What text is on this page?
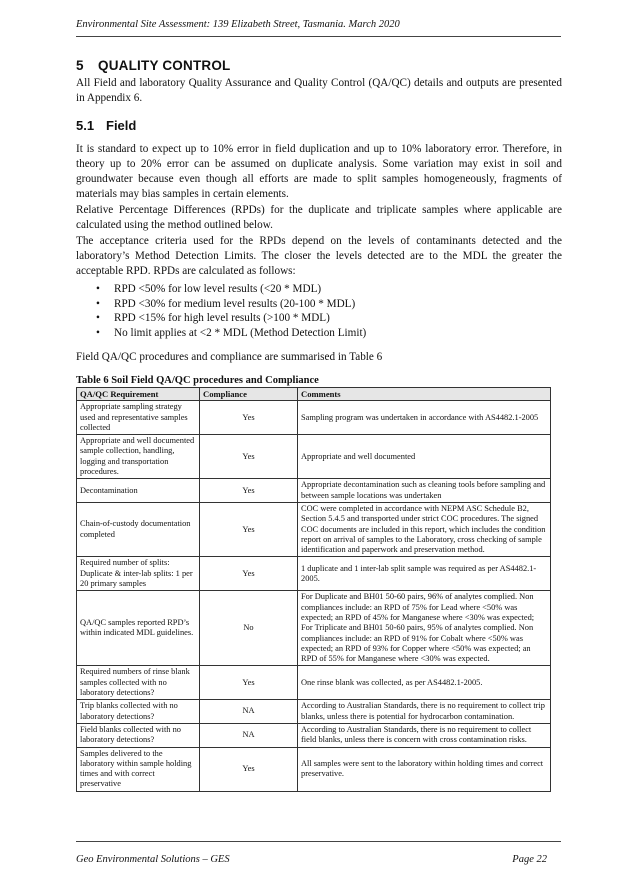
Environmental Site Assessment: 139 Elizabeth Street, Tasmania. March 2020
5 QUALITY CONTROL

All Field and laboratory Quality Assurance and Quality Control (QA/QC) details and outputs are presented in Appendix 6.

5.1 Field

It is standard to expect up to 10% error in field duplication and up to 10% laboratory error. Therefore, in theory up to 20% error can be assumed on duplicate analysis. Some variation may exist in soil and groundwater because even though all efforts are made to split samples homogeneously, fragments of materials may bias samples in certain elements.

Relative Percentage Differences (RPDs) for the duplicate and triplicate samples where applicable are calculated using the method outlined below.

The acceptance criteria used for the RPDs depend on the levels of contaminants detected and the laboratory’s Method Detection Limits. The closer the levels detected are to the MDL the greater the acceptable RPD. RPDs are calculated as follows:

• RPD <50% for low level results (<20 * MDL)
• RPD <30% for medium level results (20-100 * MDL)
• RPD <15% for high level results (>100 * MDL)
• No limit applies at <2 * MDL (Method Detection Limit)

Field QA/QC procedures and compliance are summarised in Table 6

Table 6 Soil Field QA/QC procedures and Compliance
QA/QC Requirement	Compliance	Comments
Appropriate sampling strategy used and representative samples collected	Yes	Sampling program was undertaken in accordance with AS4482.1-2005
Appropriate and well documented sample collection, handling, logging and transportation procedures.	Yes	Appropriate and well documented
Decontamination	Yes	Appropriate decontamination such as cleaning tools before sampling and between sample locations was undertaken
Chain-of-custody documentation completed	Yes	COC were completed in accordance with NEPM ASC Schedule B2, Section 5.4.5 and transported under strict COC procedures. The signed COC documents are included in this report, which includes the condition report on arrival of samples to the Laboratory, cross checking of sample identification and paperwork and preservation method.
Required number of splits: Duplicate & inter-lab splits: 1 per 20 primary samples	Yes	1 duplicate and 1 inter-lab split sample was required as per AS4482.1-2005.
QA/QC samples reported RPD’s within indicated MDL guidelines.	No	For Duplicate and BH01 50-60 pairs, 96% of analytes complied. Non compliances include: an RPD of 75% for Lead where <50% was expected; an RPD of 45% for Manganese where <30% was expected; For Triplicate and BH01 50-60 pairs, 95% of analytes complied. Non compliances include: an RPD of 91% for Cobalt where <50% was expected; an RPD of 93% for Copper where <50% was expected; an RPD of 55% for Manganese where <30% was expected.
Required numbers of rinse blank samples collected with no laboratory detections?	Yes	One rinse blank was collected, as per AS4482.1-2005.
Trip blanks collected with no laboratory detections?	NA	According to Australian Standards, there is no requirement to collect trip blanks, unless there is potential for hydrocarbon contamination.
Field blanks collected with no laboratory detections?	NA	According to Australian Standards, there is no requirement to collect field blanks, unless there is concern with cross contamination risks.
Samples delivered to the laboratory within sample holding times and with correct preservative	Yes	All samples were sent to the laboratory within holding times and correct preservative.
Geo Environmental Solutions – GES	Page 22
